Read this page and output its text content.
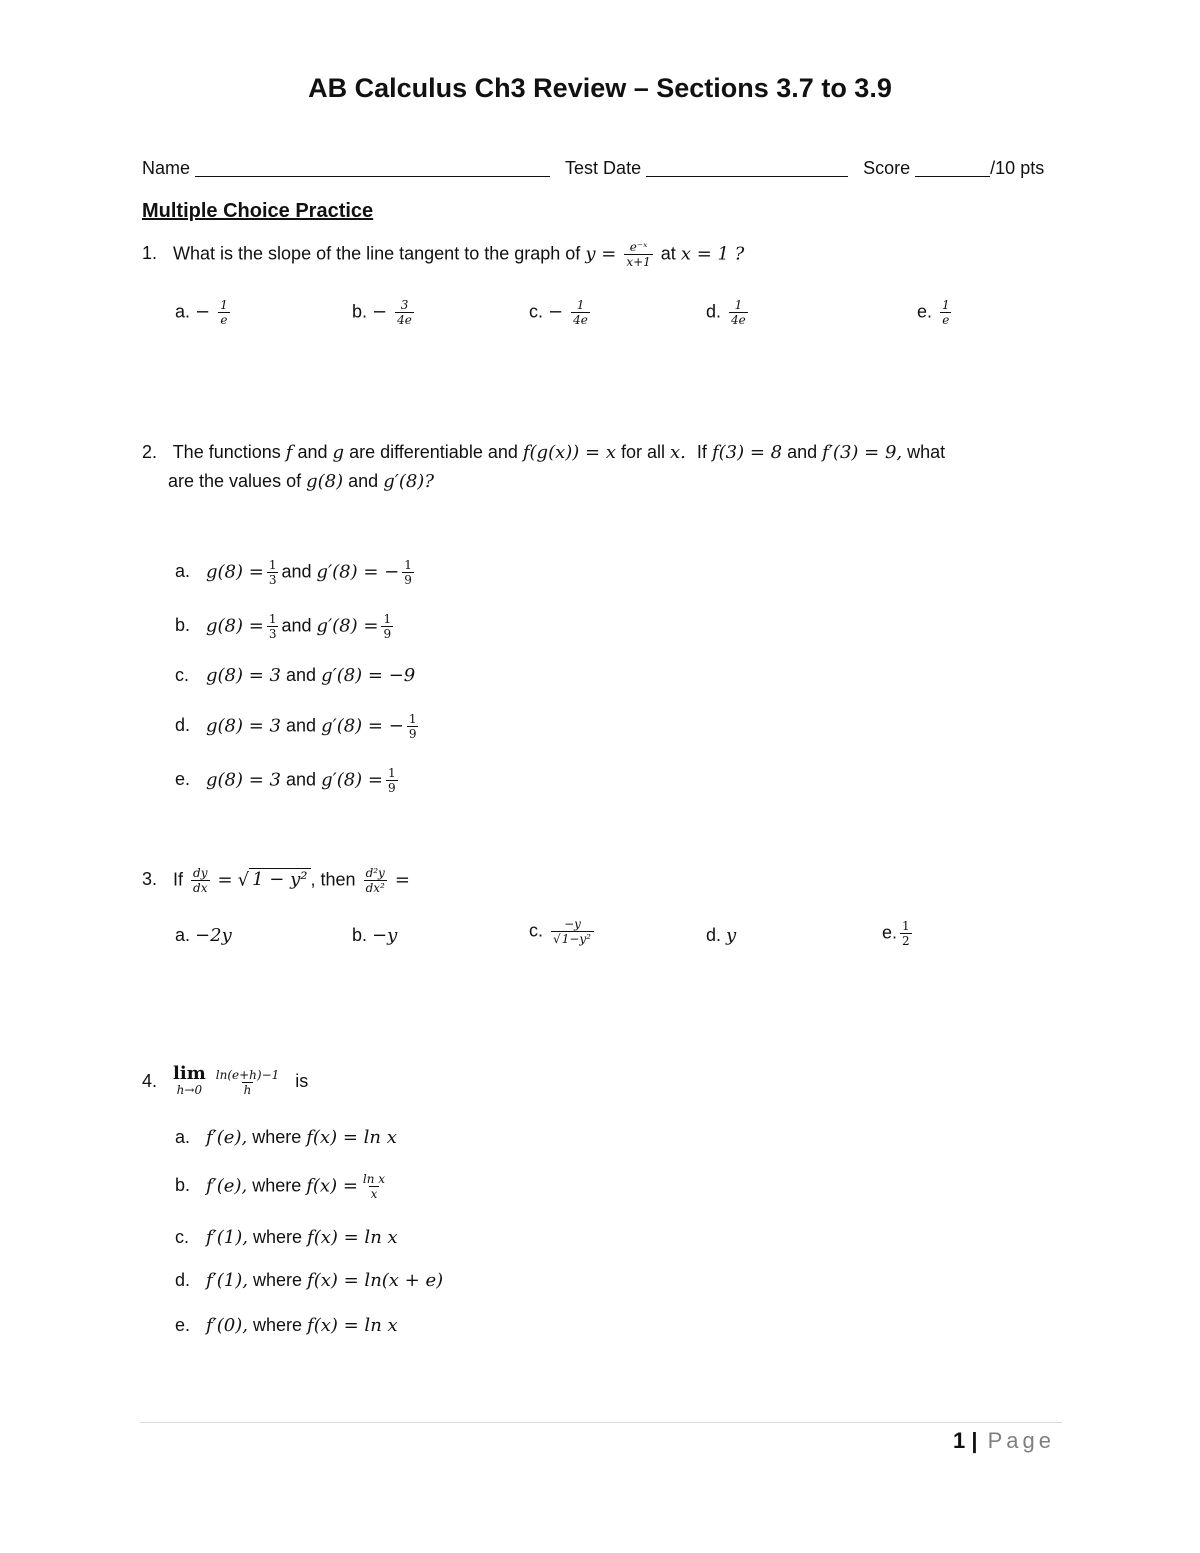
AB Calculus Ch3 Review – Sections 3.7 to 3.9
Name	Test Date	Score	/10 pts
Multiple Choice Practice
1. What is the slope of the line tangent to the graph of $y = \frac{\text{e⁻ˣ}}{x+1}$ at x = 1 ?
a. − $\frac{1}{e}$	b. − $\frac{3}{4e}$	c. − $\frac{1}{4e}$	d. $\frac{1}{4e}$	e. $\frac{1}{e}$
2. The functions f and g are differentiable and f(g(x)) = x for all x. If f(3) = 8 and f′(3) = 9, what
are the values of g(8) and g′(8)?
a. $g(8) = \frac{1}{3}$ and g′(8) = − $\frac{1}{9}$
b. $g(8) = \frac{1}{3}$ and $g'(8) = \frac{1}{9}$
c. g(8) = 3 and g′(8) = −9
d. g(8) = 3 and g′(8) = − $\frac{1}{9}$
e. g(8) = 3 and $g'(8) = \frac{1}{9}$
3. If $\frac{dy}{dx}$ = √ 1 − y² , then $\frac{\text{d²y}}{\text{dx²}}$ =
a. −2y	b. −y	c. $\frac{-y}{\text{√1−y²}}$	d. y	e. $\frac{1}{2}$
4. lim
h→0
$\frac{\ln(e+h)-1}{h}$ is
a. f′(e), where f(x) = ln x
b. f′(e), where $f(x) = \frac{\text{ln x}}{x}$
c. f′(1), where f(x) = ln x
d. f′(1), where f(x) = ln(x + e)
e. f′(0), where f(x) = ln x
1 | Page
